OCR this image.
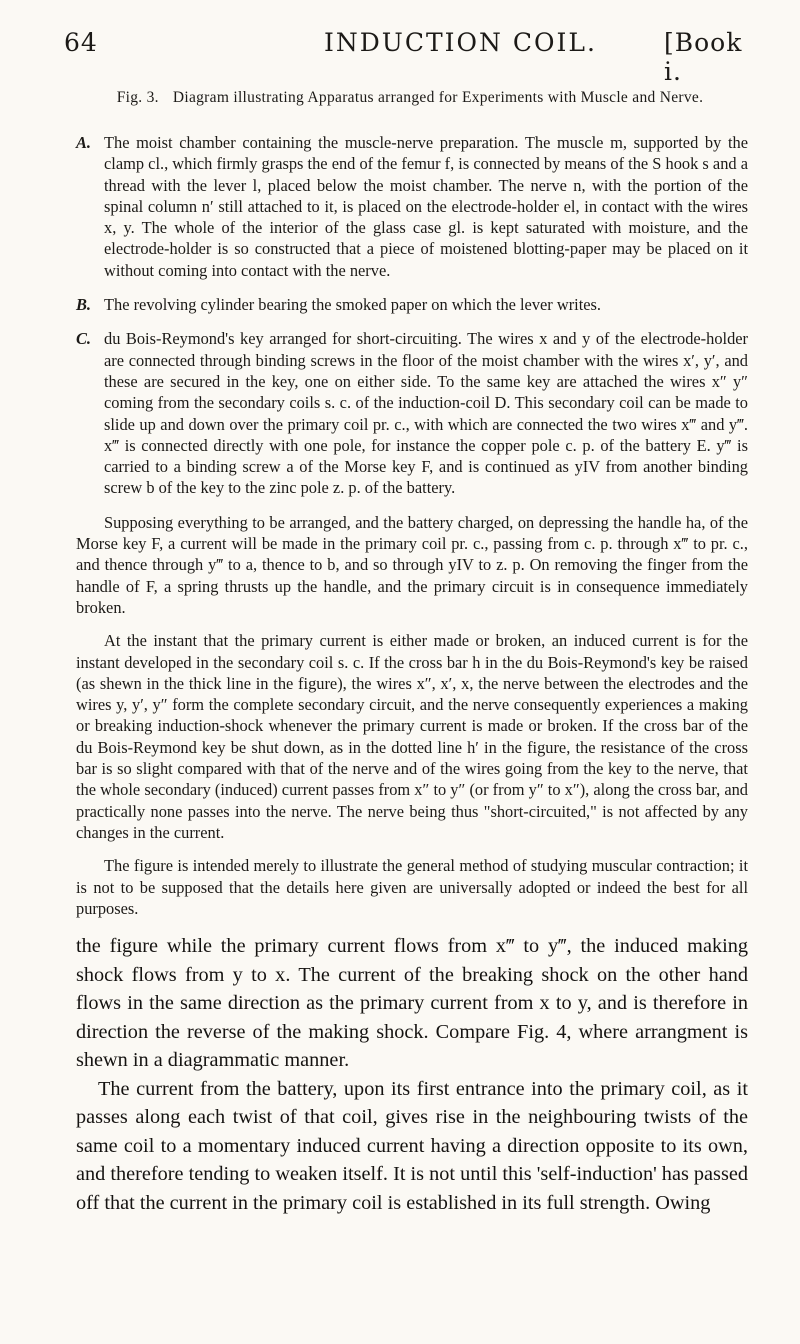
64	INDUCTION COIL.	[Book i.
Fig. 3. Diagram illustrating Apparatus arranged for Experiments with Muscle and Nerve.
A. The moist chamber containing the muscle-nerve preparation. The muscle m, supported by the clamp cl., which firmly grasps the end of the femur f, is connected by means of the S hook s and a thread with the lever l, placed below the moist chamber. The nerve n, with the portion of the spinal column n′ still attached to it, is placed on the electrode-holder el, in contact with the wires x, y. The whole of the interior of the glass case gl. is kept saturated with moisture, and the electrode-holder is so constructed that a piece of moistened blotting-paper may be placed on it without coming into contact with the nerve.
B. The revolving cylinder bearing the smoked paper on which the lever writes.
C. du Bois-Reymond's key arranged for short-circuiting. The wires x and y of the electrode-holder are connected through binding screws in the floor of the moist chamber with the wires x′, y′, and these are secured in the key, one on either side. To the same key are attached the wires x″ y″ coming from the secondary coils s. c. of the induction-coil D. This secondary coil can be made to slide up and down over the primary coil pr. c., with which are connected the two wires x‴ and y‴. x‴ is connected directly with one pole, for instance the copper pole c. p. of the battery E. y‴ is carried to a binding screw a of the Morse key F, and is continued as yIV from another binding screw b of the key to the zinc pole z. p. of the battery.

Supposing everything to be arranged, and the battery charged, on depressing the handle ha, of the Morse key F, a current will be made in the primary coil pr. c., passing from c. p. through x‴ to pr. c., and thence through y‴ to a, thence to b, and so through yIV to z. p. On removing the finger from the handle of F, a spring thrusts up the handle, and the primary circuit is in consequence immediately broken.

At the instant that the primary current is either made or broken, an induced current is for the instant developed in the secondary coil s. c. If the cross bar h in the du Bois-Reymond's key be raised (as shewn in the thick line in the figure), the wires x″, x′, x, the nerve between the electrodes and the wires y, y′, y″ form the complete secondary circuit, and the nerve consequently experiences a making or breaking induction-shock whenever the primary current is made or broken. If the cross bar of the du Bois-Reymond key be shut down, as in the dotted line h′ in the figure, the resistance of the cross bar is so slight compared with that of the nerve and of the wires going from the key to the nerve, that the whole secondary (induced) current passes from x″ to y″ (or from y″ to x″), along the cross bar, and practically none passes into the nerve. The nerve being thus "short-circuited," is not affected by any changes in the current.

The figure is intended merely to illustrate the general method of studying muscular contraction; it is not to be supposed that the details here given are universally adopted or indeed the best for all purposes.

the figure while the primary current flows from x‴ to y‴, the induced making shock flows from y to x. The current of the breaking shock on the other hand flows in the same direction as the primary current from x to y, and is therefore in direction the reverse of the making shock. Compare Fig. 4, where arrangment is shewn in a diagrammatic manner.

The current from the battery, upon its first entrance into the primary coil, as it passes along each twist of that coil, gives rise in the neighbouring twists of the same coil to a momentary induced current having a direction opposite to its own, and therefore tending to weaken itself. It is not until this 'self-induction' has passed off that the current in the primary coil is established in its full strength. Owing
